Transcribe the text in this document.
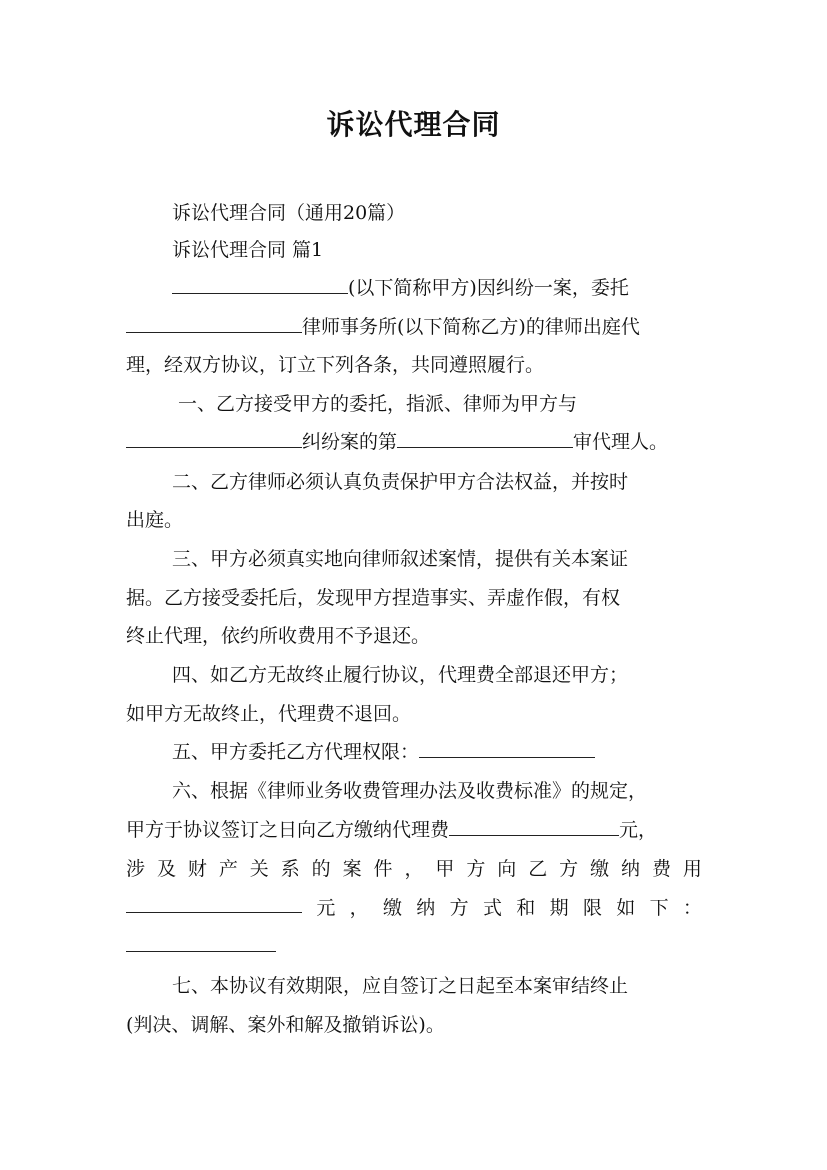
诉讼代理合同
诉讼代理合同（通用20篇）
诉讼代理合同 篇1
(以下简称甲方)因纠纷一案，委托
律师事务所(以下简称乙方)的律师出庭代
理，经双方协议，订立下列各条，共同遵照履行。
一、乙方接受甲方的委托，指派、律师为甲方与
纠纷案的第	审代理人。
二、乙方律师必须认真负责保护甲方合法权益，并按时
出庭。
三、甲方必须真实地向律师叙述案情，提供有关本案证
据。乙方接受委托后，发现甲方捏造事实、弄虚作假，有权
终止代理，依约所收费用不予退还。
四、如乙方无故终止履行协议，代理费全部退还甲方；
如甲方无故终止，代理费不退回。
五、甲方委托乙方代理权限：
六、根据《律师业务收费管理办法及收费标准》的规定，
甲方于协议签订之日向乙方缴纳代理费	元，
涉 及 财 产 关 系 的 案 件 ， 甲 方 向 乙 方 缴 纳 费 用
元 ， 缴 纳 方 式 和 期 限 如 下 ：
七、本协议有效期限，应自签订之日起至本案审结终止
(判决、调解、案外和解及撤销诉讼)。
